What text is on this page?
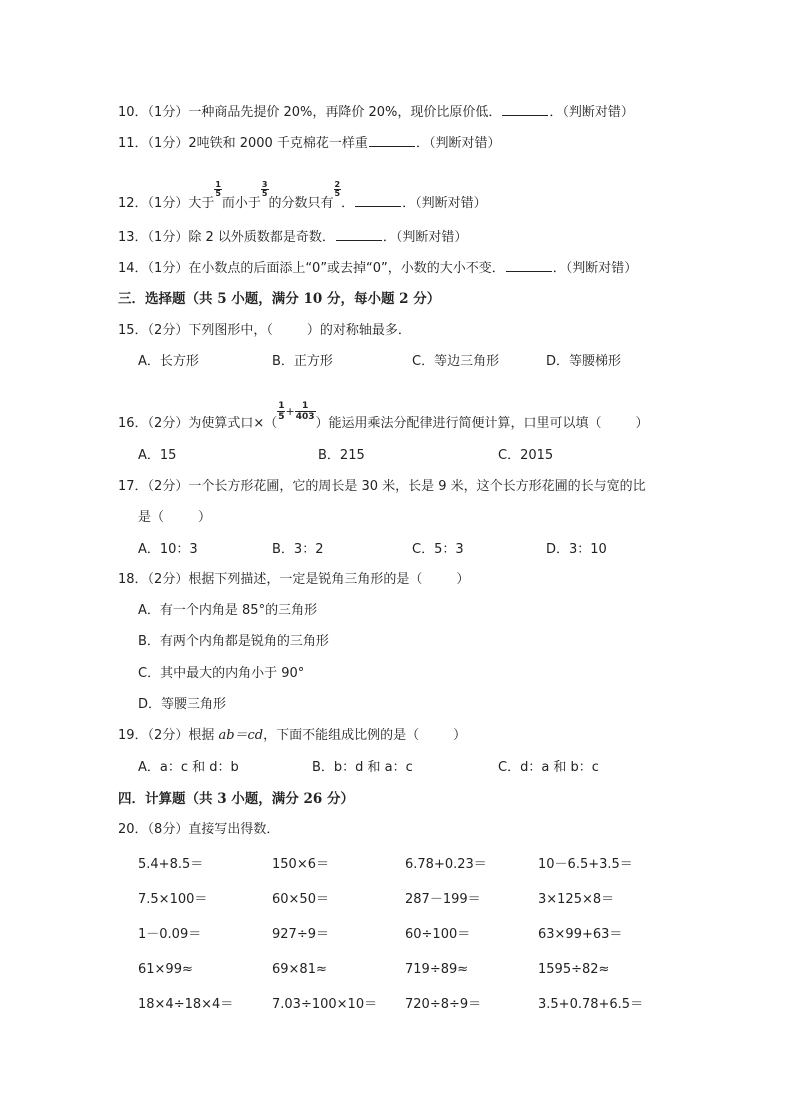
10．（1分）一种商品先提价 20%，再降价 20%，现价比原价低．	．（判断对错）
11．（1分）2吨铁和 2000 千克棉花一样重	．（判断对错）
12．（1分）大于
$\frac{1}{5}$
而小于
$\frac{3}{5}$
的分数只有
$\frac{2}{5}$
．	．（判断对错）
13．（1分）除 2 以外质数都是奇数．	．（判断对错）
14．（1分）在小数点的后面添上“0”或去掉“0”，小数的大小不变．	．（判断对错）
三．选择题（共 5 小题，满分 10 分，每小题 2 分）
15．（2分）下列图形中，（	）的对称轴最多．
A．长方形	B．正方形	C．等边三角形	D．等腰梯形
16．（2分）为使算式口×（
$\frac{1}{5} ^+ \frac{1}{403}$
）能运用乘法分配律进行简便计算，口里可以填（	）
A．15	B．215	C．2015
17．（2分）一个长方形花圃，它的周长是 30 米，长是 9 米，这个长方形花圃的长与宽的比
是（	）
A．10：3	B．3：2	C．5：3	D．3：10
18．（2分）根据下列描述，一定是锐角三角形的是（	）
A．有一个内角是 85°的三角形
B．有两个内角都是锐角的三角形
C．其中最大的内角小于 90°
D．等腰三角形
19．（2分）根据 ab＝cd，下面不能组成比例的是（	）
A．a：c 和 d：b	B．b：d 和 a：c	C．d：a 和 b：c
四．计算题（共 3 小题，满分 26 分）
20．（8分）直接写出得数．
5.4+8.5＝	150×6＝	6.78+0.23＝	10－6.5+3.5＝
7.5×100＝	60×50＝	287－199＝	3×125×8＝
1－0.09＝	927÷9＝	60÷100＝	63×99+63＝
61×99≈	69×81≈	719÷89≈	1595÷82≈
18×4÷18×4＝	7.03÷100×10＝ 720÷8÷9＝	3.5+0.78+6.5＝
